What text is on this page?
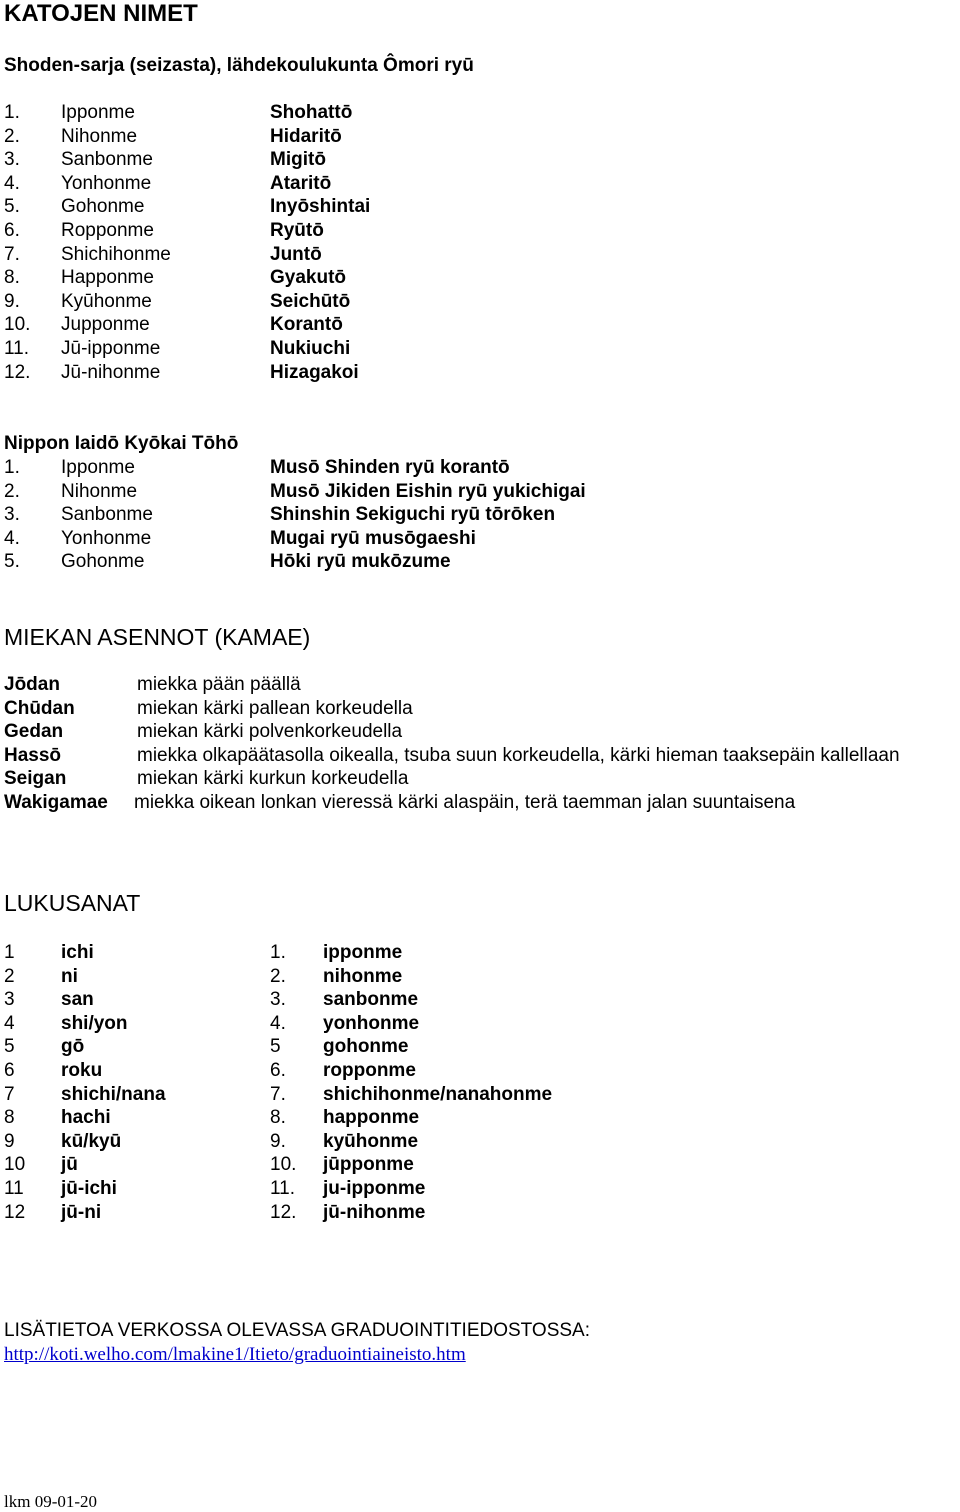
KATOJEN NIMET
Shoden-sarja (seizasta), lähdekoulukunta Ômori ryū
1. Ipponme	Shohattō
2. Nihonme	Hidaritō
3. Sanbonme	Migitō
4. Yonhonme	Ataritō
5. Gohonme	Inyōshintai
6. Ropponme	Ryūtō
7. Shichihonme	Juntō
8. Happonme	Gyakutō
9. Kyūhonme	Seichūtō
10. Jupponme	Korantō
11. Jū-ipponme	Nukiuchi
12. Jū-nihonme	Hizagakoi
Nippon Iaidō Kyōkai Tōhō
1. Ipponme	Musō Shinden ryū korantō
2. Nihonme	Musō Jikiden Eishin ryū yukichigai
3. Sanbonme	Shinshin Sekiguchi ryū tōrōken
4. Yonhonme	Mugai ryū musōgaeshi
5. Gohonme	Hōki ryū mukōzume
MIEKAN ASENNOT (KAMAE)
Jōdan	miekka pään päällä
Chūdan	miekan kärki pallean korkeudella
Gedan	miekan kärki polvenkorkeudella
Hassō	miekka olkapäätasolla oikealla, tsuba suun korkeudella, kärki hieman taaksepäin kallellaan
Seigan	miekan kärki kurkun korkeudella
Wakigamae miekka oikean lonkan vieressä kärki alaspäin, terä taemman jalan suuntaisena
LUKUSANAT
1 ichi	1. ipponme
2 ni	2. nihonme
3 san	3. sanbonme
4 shi/yon	4. yonhonme
5 gō	5 gohonme
6 roku	6. ropponme
7 shichi/nana	7. shichihonme/nanahonme
8 hachi	8. happonme
9 kū/kyū	9. kyūhonme
10 jū	10. jūpponme
11 jū-ichi	11. ju-ipponme
12 jū-ni	12. jū-nihonme
LISÄTIETOA VERKOSSA OLEVASSA GRADUOINTITIEDOSTOSSA:
http://koti.welho.com/lmakine1/Itieto/graduointiaineisto.htm
lkm 09-01-20
